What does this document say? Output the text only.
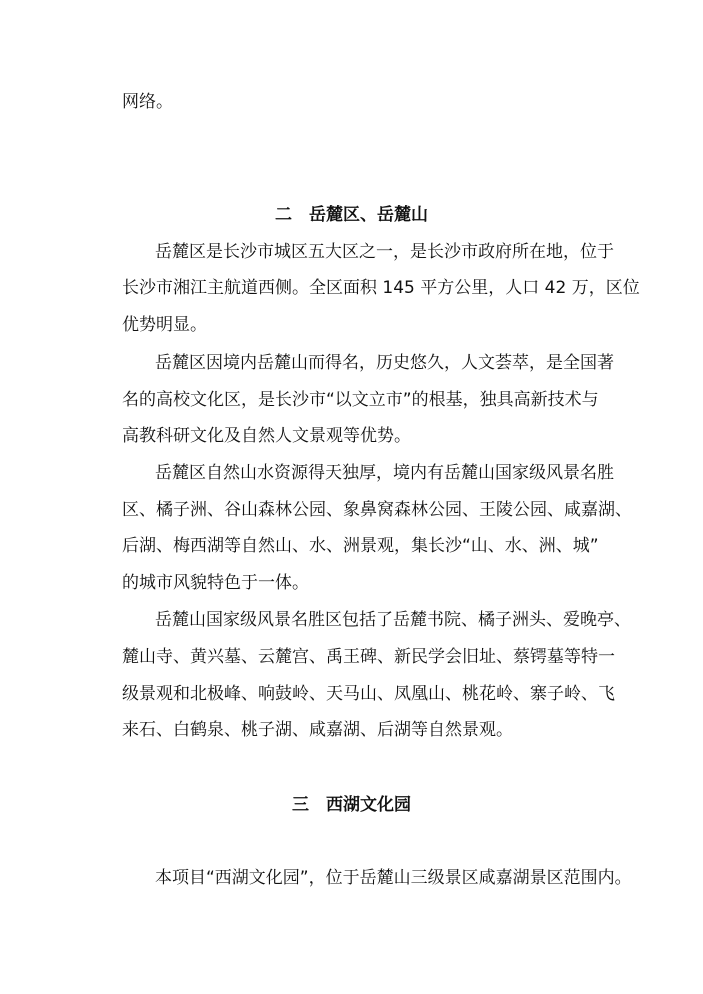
网络。
二　岳麓区、岳麓山
岳麓区是长沙市城区五大区之一，是长沙市政府所在地，位于
长沙市湘江主航道西侧。全区面积 145 平方公里，人口 42 万，区位
优势明显。
岳麓区因境内岳麓山而得名，历史悠久，人文荟萃，是全国著
名的高校文化区，是长沙市“以文立市”的根基，独具高新技术与
高教科研文化及自然人文景观等优势。
岳麓区自然山水资源得天独厚，境内有岳麓山国家级风景名胜
区、橘子洲、谷山森林公园、象鼻窝森林公园、王陵公园、咸嘉湖、
后湖、梅西湖等自然山、水、洲景观，集长沙“山、水、洲、城”
的城市风貌特色于一体。
岳麓山国家级风景名胜区包括了岳麓书院、橘子洲头、爱晚亭、
麓山寺、黄兴墓、云麓宫、禹王碑、新民学会旧址、蔡锷墓等特一
级景观和北极峰、响鼓岭、天马山、凤凰山、桃花岭、寨子岭、飞
来石、白鹤泉、桃子湖、咸嘉湖、后湖等自然景观。
三　西湖文化园
本项目“西湖文化园”，位于岳麓山三级景区咸嘉湖景区范围内。
